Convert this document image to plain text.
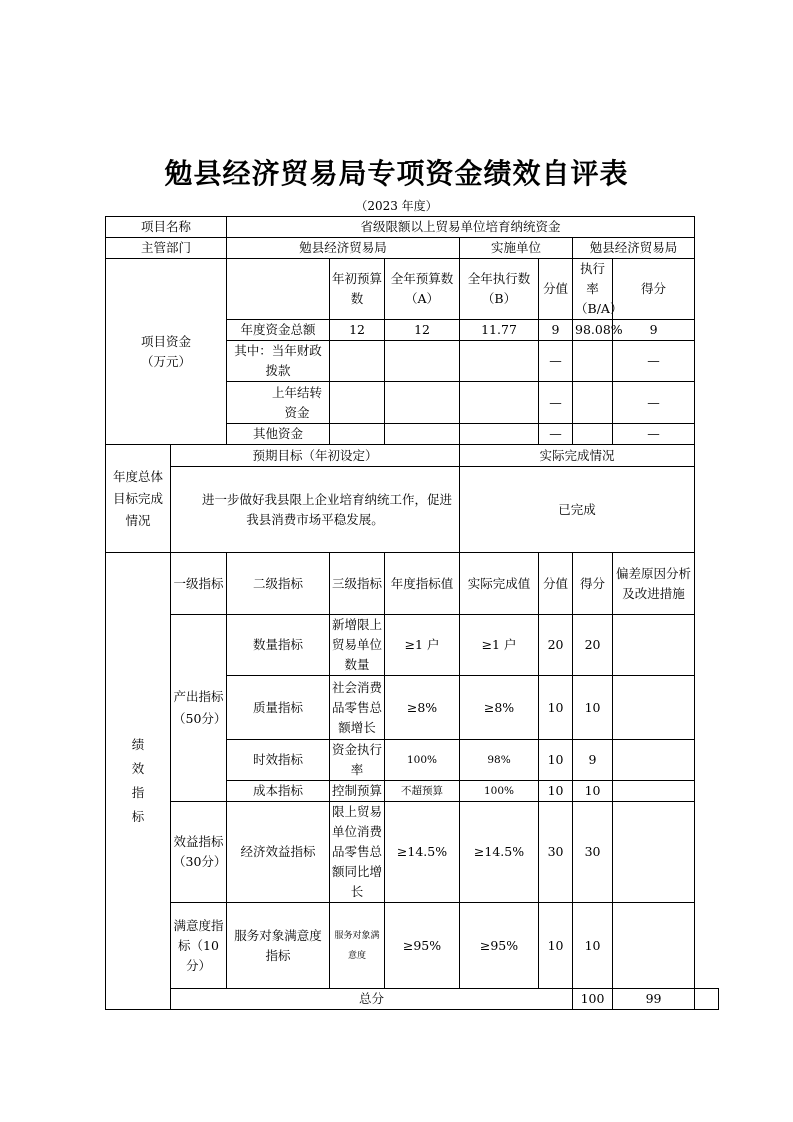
勉县经济贸易局专项资金绩效自评表
（2023 年度）
项目名称		省级限额以上贸易单位培育纳统资金							
主管部门		勉县经济贸易局			实施单位		勉县经济贸易局		
项目资金
（万元）			年初预算数	全年预算数（A）	全年执行数（B）	分值	执行率（B/A）	得分	
		年度资金总额	12	12	11.77	9	98.08%	9	
		其中：当年财政拨款				—		—	
		上年结转资金				—		—	
		其他资金				—		—	
年度总体目标完成情况	预期目标（年初设定）				实际完成情况				
	进一步做好我县限上企业培育纳统工作，促进我县消费市场平稳发展。				已完成				
绩效指标	一级指标	二级指标	三级指标	年度指标值	实际完成值	分值	得分	偏差原因分析及改进措施	
	产出指标（50分）	数量指标	新增限上贸易单位数量	≥1 户	≥1 户	20	20		
		质量指标	社会消费品零售总额增长	≥8%	≥8%	10	10		
		时效指标	资金执行率	100%	98%	10	9		
		成本指标	控制预算	不超预算	100%	10	10		
	效益指标（30分）	经济效益指标	限上贸易单位消费品零售总额同比增长	≥14.5%	≥14.5%	30	30		
	满意度指标（10分）	服务对象满意度指标	服务对象满意度	≥95%	≥95%	10	10		
	总分						100	99	
